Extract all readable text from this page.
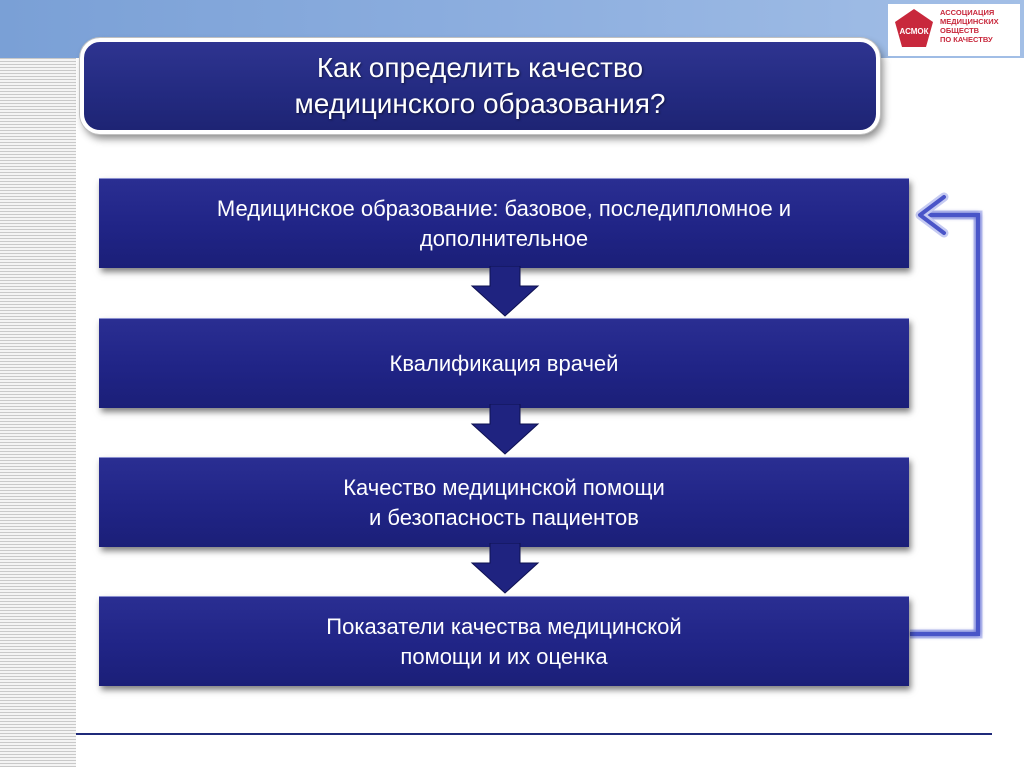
АСМОК
АССОЦИАЦИЯ
МЕДИЦИНСКИХ
ОБЩЕСТВ
ПО КАЧЕСТВУ
Как определить качество
медицинского образования?
Медицинское образование: базовое, последипломное и
дополнительное
Квалификация врачей
Качество медицинской помощи
и безопасность пациентов
Показатели качества медицинской
помощи и их оценка
